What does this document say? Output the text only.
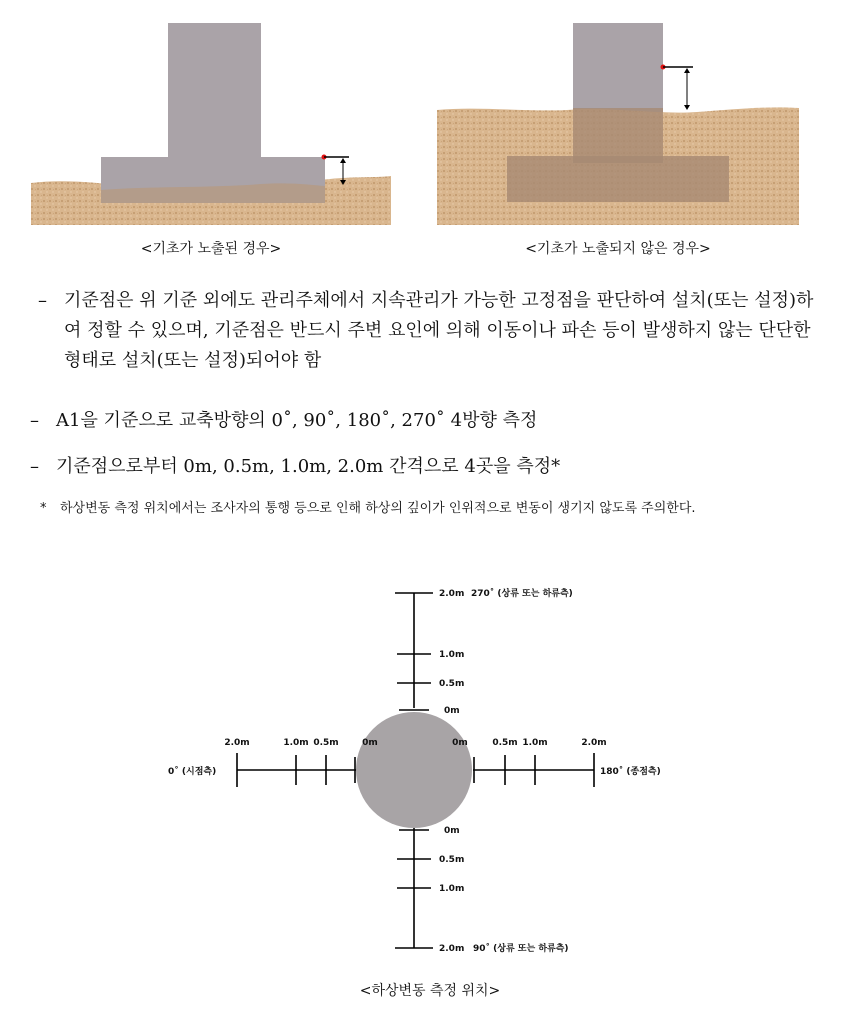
<기초가 노출된 경우>	<기초가 노출되지 않은 경우>
– 기준점은 위 기준 외에도 관리주체에서 지속관리가 가능한 고정점을 판단하여 설치(또는 설정)하여 정할 수 있으며, 기준점은 반드시 주변 요인에 의해 이동이나 파손 등이 발생하지 않는 단단한 형태로 설치(또는 설정)되어야 함
– A1을 기준으로 교축방향의 0˚, 90˚, 180˚, 270˚ 4방향 측정
– 기준점으로부터 0m, 0.5m, 1.0m, 2.0m 간격으로 4곳을 측정*
* 하상변동 측정 위치에서는 조사자의 통행 등으로 인해 하상의 깊이가 인위적으로 변동이 생기지 않도록 주의한다.
2.0m 270˚ (상류 또는 하류측)
1.0m
0.5m
0m
0m
0.5m
1.0m
2.0m 90˚ (상류 또는 하류측)
2.0m	1.0m 0.5m	0m
0˚ (시점측)
0m	0.5m 1.0m	2.0m
180˚ (종점측)
<하상변동 측정 위치>
